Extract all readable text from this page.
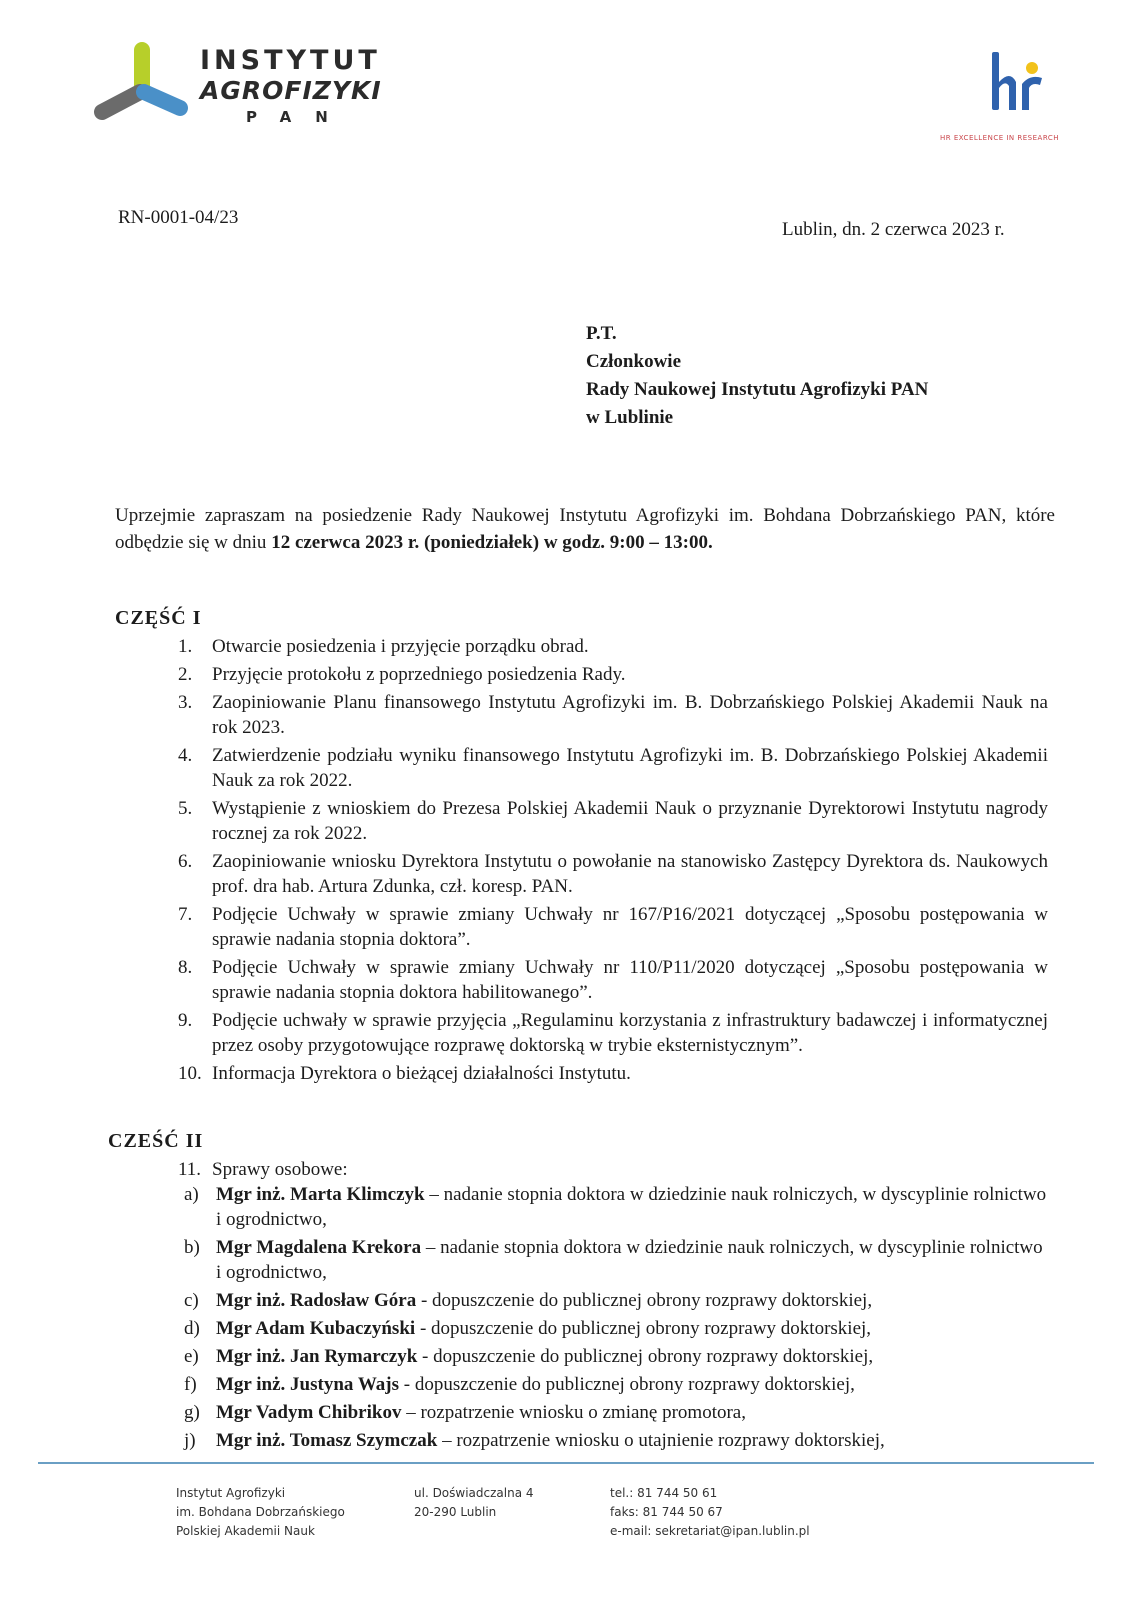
INSTYTUT
AGROFIZYKI
PAN
HR EXCELLENCE IN RESEARCH
RN-0001-04/23
Lublin, dn. 2 czerwca 2023 r.
P.T.
Członkowie
Rady Naukowej Instytutu Agrofizyki PAN
w Lublinie
Uprzejmie zapraszam na posiedzenie Rady Naukowej Instytutu Agrofizyki im. Bohdana Dobrzańskiego PAN, które odbędzie się w dniu 12 czerwca 2023 r. (poniedziałek) w godz. 9:00 – 13:00.
CZĘŚĆ I
1. Otwarcie posiedzenia i przyjęcie porządku obrad.
2. Przyjęcie protokołu z poprzedniego posiedzenia Rady.
3. Zaopiniowanie Planu finansowego Instytutu Agrofizyki im. B. Dobrzańskiego Polskiej Akademii Nauk na rok 2023.
4. Zatwierdzenie podziału wyniku finansowego Instytutu Agrofizyki im. B. Dobrzańskiego Polskiej Akademii Nauk za rok 2022.
5. Wystąpienie z wnioskiem do Prezesa Polskiej Akademii Nauk o przyznanie Dyrektorowi Instytutu nagrody rocznej za rok 2022.
6. Zaopiniowanie wniosku Dyrektora Instytutu o powołanie na stanowisko Zastępcy Dyrektora ds. Naukowych prof. dra hab. Artura Zdunka, czł. koresp. PAN.
7. Podjęcie Uchwały w sprawie zmiany Uchwały nr 167/P16/2021 dotyczącej „Sposobu postępowania w sprawie nadania stopnia doktora”.
8. Podjęcie Uchwały w sprawie zmiany Uchwały nr 110/P11/2020 dotyczącej „Sposobu postępowania w sprawie nadania stopnia doktora habilitowanego”.
9. Podjęcie uchwały w sprawie przyjęcia „Regulaminu korzystania z infrastruktury badawczej i informatycznej przez osoby przygotowujące rozprawę doktorską w trybie eksternistycznym”.
10. Informacja Dyrektora o bieżącej działalności Instytutu.
CZEŚĆ II
11. Sprawy osobowe:
a) Mgr inż. Marta Klimczyk – nadanie stopnia doktora w dziedzinie nauk rolniczych, w dyscyplinie rolnictwo i ogrodnictwo,
b) Mgr Magdalena Krekora – nadanie stopnia doktora w dziedzinie nauk rolniczych, w dyscyplinie rolnictwo i ogrodnictwo,
c) Mgr inż. Radosław Góra - dopuszczenie do publicznej obrony rozprawy doktorskiej,
d) Mgr Adam Kubaczyński - dopuszczenie do publicznej obrony rozprawy doktorskiej,
e) Mgr inż. Jan Rymarczyk - dopuszczenie do publicznej obrony rozprawy doktorskiej,
f) Mgr inż. Justyna Wajs - dopuszczenie do publicznej obrony rozprawy doktorskiej,
g) Mgr Vadym Chibrikov – rozpatrzenie wniosku o zmianę promotora,
j) Mgr inż. Tomasz Szymczak – rozpatrzenie wniosku o utajnienie rozprawy doktorskiej,
Instytut Agrofizyki
im. Bohdana Dobrzańskiego
Polskiej Akademii Nauk
ul. Doświadczalna 4
20-290 Lublin
tel.: 81 744 50 61
faks: 81 744 50 67
e-mail: sekretariat@ipan.lublin.pl
